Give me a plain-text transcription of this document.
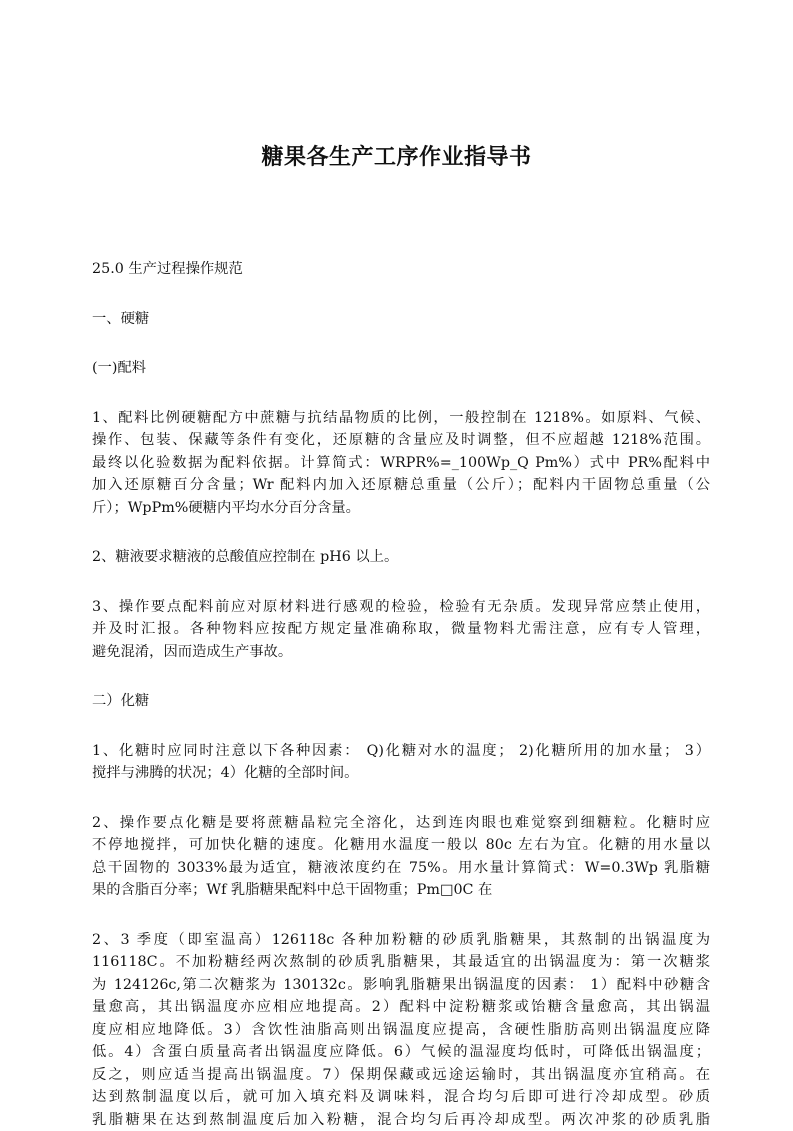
糖果各生产工序作业指导书
25.0 生产过程操作规范
一、硬糖
(一)配料
1、配料比例硬糖配方中蔗糖与抗结晶物质的比例，一般控制在 1218%。如原料、气候、
操作、包装、保藏等条件有变化，还原糖的含量应及时调整，但不应超越 1218%范围。
最终以化验数据为配料依据。计算简式：WRPR%=_100Wp_Q Pm%）式中 PR%配料中
加入还原糖百分含量；Wr 配料内加入还原糖总重量（公斤）；配料内干固物总重量（公
斤）；WpPm%硬糖内平均水分百分含量。
2、糖液要求糖液的总酸值应控制在 pH6 以上。
3、操作要点配料前应对原材料进行感观的检验，检验有无杂质。发现异常应禁止使用，
并及时汇报。各种物料应按配方规定量准确称取，微量物料尤需注意，应有专人管理，
避免混淆，因而造成生产事故。
二）化糖
1、化糖时应同时注意以下各种因素： Q)化糖对水的温度； 2)化糖所用的加水量； 3）
搅拌与沸腾的状况；4）化糖的全部时间。
2、操作要点化糖是要将蔗糖晶粒完全溶化，达到连肉眼也难觉察到细糖粒。化糖时应
不停地搅拌，可加快化糖的速度。化糖用水温度一般以 80c 左右为宜。化糖的用水量以
总干固物的 3033%最为适宜，糖液浓度约在 75%。用水量计算简式：W=0.3Wp 乳脂糖
果的含脂百分率；Wf 乳脂糖果配料中总干固物重；Pm□0C 在
2、3 季度（即室温高）126118c 各种加粉糖的砂质乳脂糖果，其熬制的出锅温度为
116118C。不加粉糖经两次熬制的砂质乳脂糖果，其最适宜的出锅温度为：第一次糖浆
为 124126c,第二次糖浆为 130132c。影响乳脂糖果出锅温度的因素： 1）配料中砂糖含
量愈高，其出锅温度亦应相应地提高。2）配料中淀粉糖浆或饴糖含量愈高，其出锅温
度应相应地降低。3）含饮性油脂高则出锅温度应提高，含硬性脂肪高则出锅温度应降
低。4）含蛋白质量高者出锅温度应降低。6）气候的温湿度均低时，可降低出锅温度；
反之，则应适当提高出锅温度。7）保期保藏或远途运输时，其出锅温度亦宜稍高。在
达到熬制温度以后，就可加入填充料及调味料，混合均匀后即可进行冷却成型。砂质
乳脂糖果在达到熬制温度后加入粉糖，混合均匀后再冷却成型。两次冲浆的砂质乳脂
